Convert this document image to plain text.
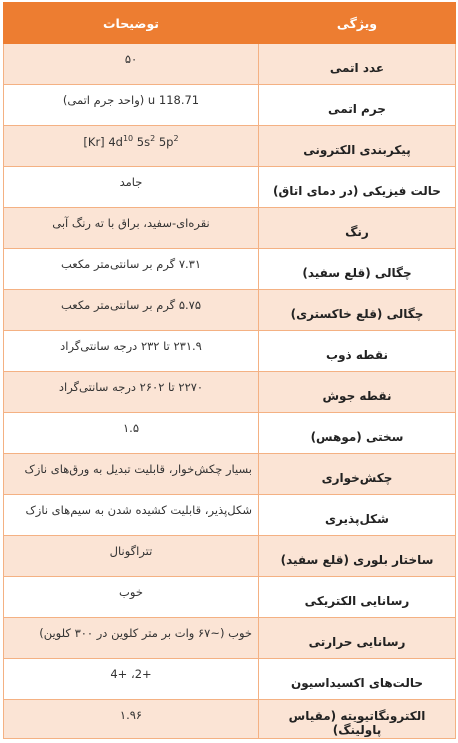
ویژگی	توضیحات
عدد اتمی	۵۰
جرم اتمی	118.71 u (واحد جرم اتمی)
پیکربندی الکترونی	[Kr] $4d^{10}$ $5s^2$ $5p^2$
حالت فیزیکی (در دمای اتاق)	جامد
رنگ	نقره‌ای-سفید، براق با ته رنگ آبی
چگالی (قلع سفید)	۷.۳۱ گرم بر سانتی‌متر مکعب
چگالی (قلع خاکستری)	۵.۷۵ گرم بر سانتی‌متر مکعب
نقطه ذوب	۲۳۱.۹ تا ۲۳۲ درجه سانتی‌گراد
نقطه جوش	۲۲۷۰ تا ۲۶۰۲ درجه سانتی‌گراد
سختی (موهس)	۱.۵
چکش‌خواری	بسیار چکش‌خوار، قابلیت تبدیل به ورق‌های نازک
شکل‌پذیری	شکل‌پذیر، قابلیت کشیده شدن به سیم‌های نازک
ساختار بلوری (قلع سفید)	تتراگونال
رسانایی الکتریکی	خوب
رسانایی حرارتی	خوب (~۶۷ وات بر متر کلوین در ۳۰۰ کلوین)
حالت‌های اکسیداسیون	+2، +4
الکترونگاتیویته (مقیاس پاولینگ)	۱.۹۶
